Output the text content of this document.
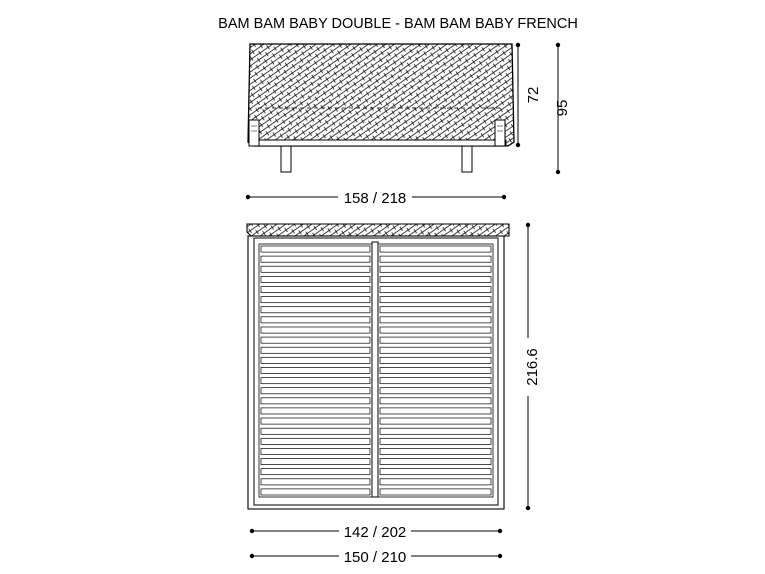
BAM BAM BABY DOUBLE - BAM BAM BABY FRENCH
72
95
158 / 218
216.6
142 / 202
150 / 210
